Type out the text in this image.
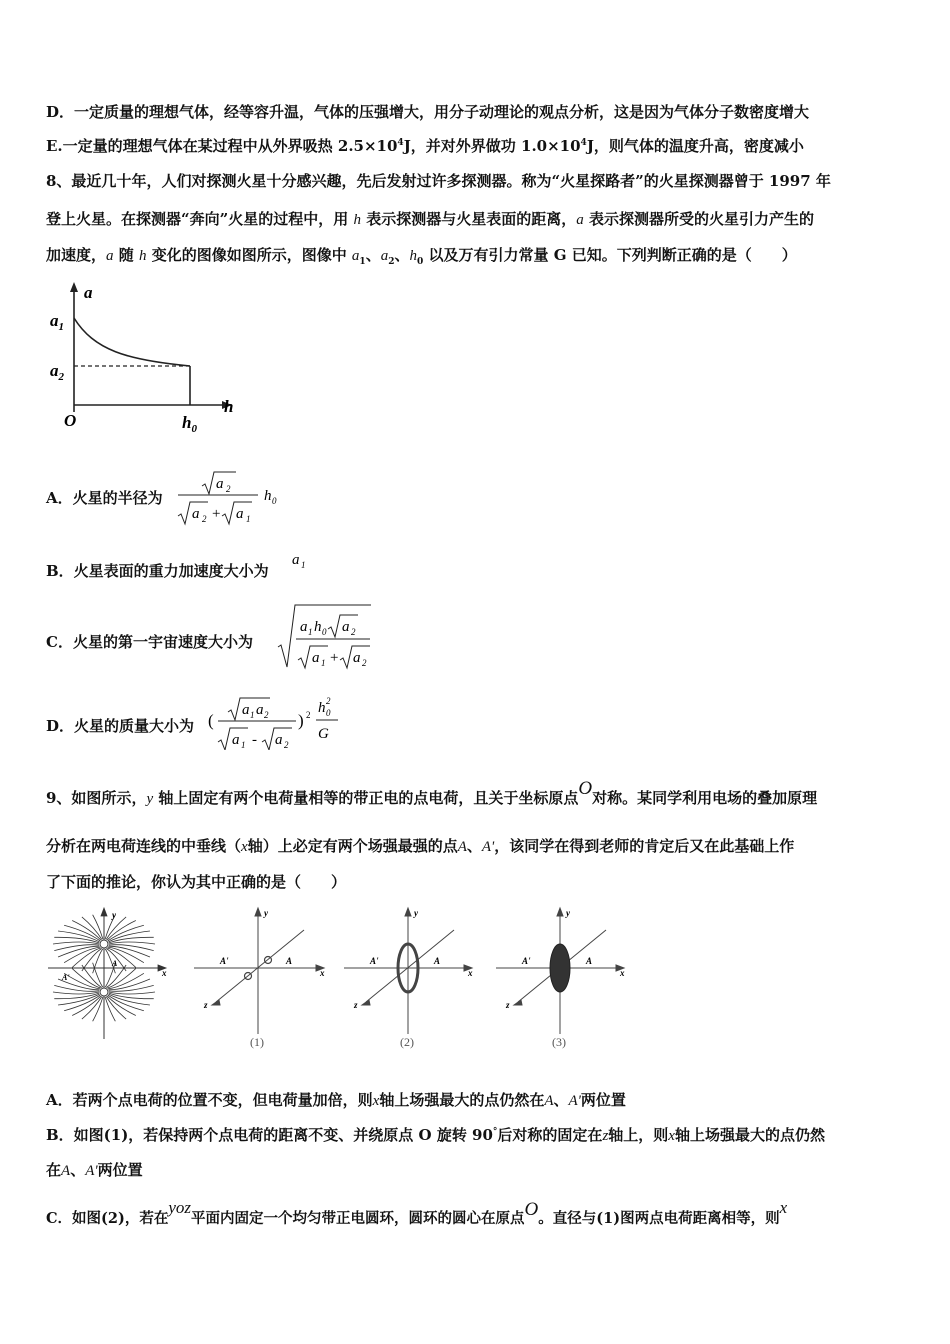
D．一定质量的理想气体，经等容升温，气体的压强增大，用分子动理论的观点分析，这是因为气体分子数密度增大
E.一定量的理想气体在某过程中从外界吸热 $2.5\times 10^4J$，并对外界做功 $1.0\times 10^4J$，则气体的温度升高，密度减小
8、最近几十年，人们对探测火星十分感兴趣，先后发射过许多探测器。称为“火星探路者”的火星探测器曾于 1997 年
登上火星。在探测器“奔向”火星的过程中，用 h 表示探测器与火星表面的距离，a 表示探测器所受的火星引力产生的
加速度，a 随 h 变化的图像如图所示，图像中 $a_1$、$a_2$、$h_0$ 以及万有引力常量 G 已知。下列判断正确的是（　　）
a
h
O
$a_1$
$a_2$
$h_0$
A．火星的半径为
a 2
a 2 + a 1
h 0
B．火星表面的重力加速度大小为
a 1
C．火星的第一宇宙速度大小为
a 1 h 0 a 2
a 1 + a 2
D．火星的质量大小为 (
a 1 a 2
a 1 - a 2
) 2 h 0
2
G
9、如图所示，y 轴上固定有两个电荷量相等的带正电的点电荷，且关于坐标原点O对称。某同学利用电场的叠加原理
分析在两电荷连线的中垂线（x轴）上必定有两个场强最强的点A、A'，该同学在得到老师的肯定后又在此基础上作
了下面的推论，你认为其中正确的是（　　）
y
x
A
A'
y
x
z
A
A'
(1)
y
x
z
A
A'
(2)
y
x
z
A
A'
(3)
A．若两个点电荷的位置不变，但电荷量加倍，则x轴上场强最大的点仍然在A、A'两位置
B．如图(1)，若保持两个点电荷的距离不变、并绕原点 O 旋转 90°后对称的固定在z轴上，则x轴上场强最大的点仍然
在A、A'两位置
C．如图(2)，若在yoz平面内固定一个均匀带正电圆环，圆环的圆心在原点O。直径与(1)图两点电荷距离相等，则x
